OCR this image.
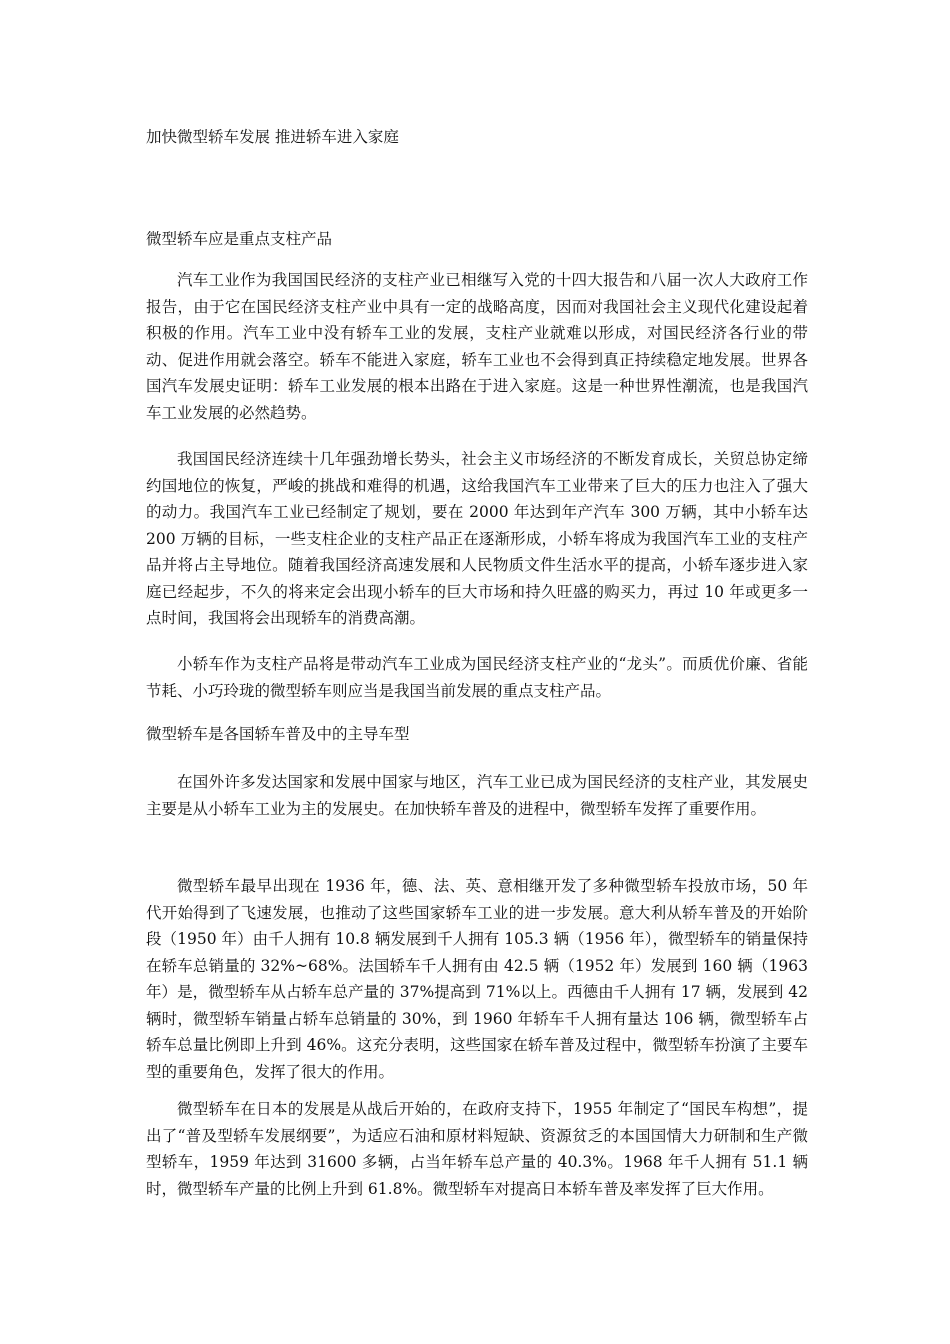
加快微型轿车发展 推进轿车进入家庭
微型轿车应是重点支柱产品

汽车工业作为我国国民经济的支柱产业已相继写入党的十四大报告和八届一次人大政府工作报告，由于它在国民经济支柱产业中具有一定的战略高度，因而对我国社会主义现代化建设起着积极的作用。汽车工业中没有轿车工业的发展，支柱产业就难以形成，对国民经济各行业的带动、促进作用就会落空。轿车不能进入家庭，轿车工业也不会得到真正持续稳定地发展。世界各国汽车发展史证明：轿车工业发展的根本出路在于进入家庭。这是一种世界性潮流，也是我国汽车工业发展的必然趋势。

我国国民经济连续十几年强劲增长势头，社会主义市场经济的不断发育成长，关贸总协定缔约国地位的恢复，严峻的挑战和难得的机遇，这给我国汽车工业带来了巨大的压力也注入了强大的动力。我国汽车工业已经制定了规划，要在 2000 年达到年产汽车 300 万辆，其中小轿车达 200 万辆的目标，一些支柱企业的支柱产品正在逐渐形成，小轿车将成为我国汽车工业的支柱产品并将占主导地位。随着我国经济高速发展和人民物质文件生活水平的提高，小轿车逐步进入家庭已经起步，不久的将来定会出现小轿车的巨大市场和持久旺盛的购买力，再过 10 年或更多一点时间，我国将会出现轿车的消费高潮。

小轿车作为支柱产品将是带动汽车工业成为国民经济支柱产业的“龙头”。而质优价廉、省能节耗、小巧玲珑的微型轿车则应当是我国当前发展的重点支柱产品。

微型轿车是各国轿车普及中的主导车型

在国外许多发达国家和发展中国家与地区，汽车工业已成为国民经济的支柱产业，其发展史主要是从小轿车工业为主的发展史。在加快轿车普及的进程中，微型轿车发挥了重要作用。

微型轿车最早出现在 1936 年，德、法、英、意相继开发了多种微型轿车投放市场，50 年代开始得到了飞速发展，也推动了这些国家轿车工业的进一步发展。意大利从轿车普及的开始阶段（1950 年）由千人拥有 10.8 辆发展到千人拥有 105.3 辆（1956 年），微型轿车的销量保持在轿车总销量的 32%~68%。法国轿车千人拥有由 42.5 辆（1952 年）发展到 160 辆（1963 年）是，微型轿车从占轿车总产量的 37%提高到 71%以上。西德由千人拥有 17 辆，发展到 42 辆时，微型轿车销量占轿车总销量的 30%，到 1960 年轿车千人拥有量达 106 辆，微型轿车占轿车总量比例即上升到 46%。这充分表明，这些国家在轿车普及过程中，微型轿车扮演了主要车型的重要角色，发挥了很大的作用。

微型轿车在日本的发展是从战后开始的，在政府支持下，1955 年制定了“国民车构想”，提出了“普及型轿车发展纲要”，为适应石油和原材料短缺、资源贫乏的本国国情大力研制和生产微型轿车，1959 年达到 31600 多辆，占当年轿车总产量的 40.3%。1968 年千人拥有 51.1 辆时，微型轿车产量的比例上升到 61.8%。微型轿车对提高日本轿车普及率发挥了巨大作用。
